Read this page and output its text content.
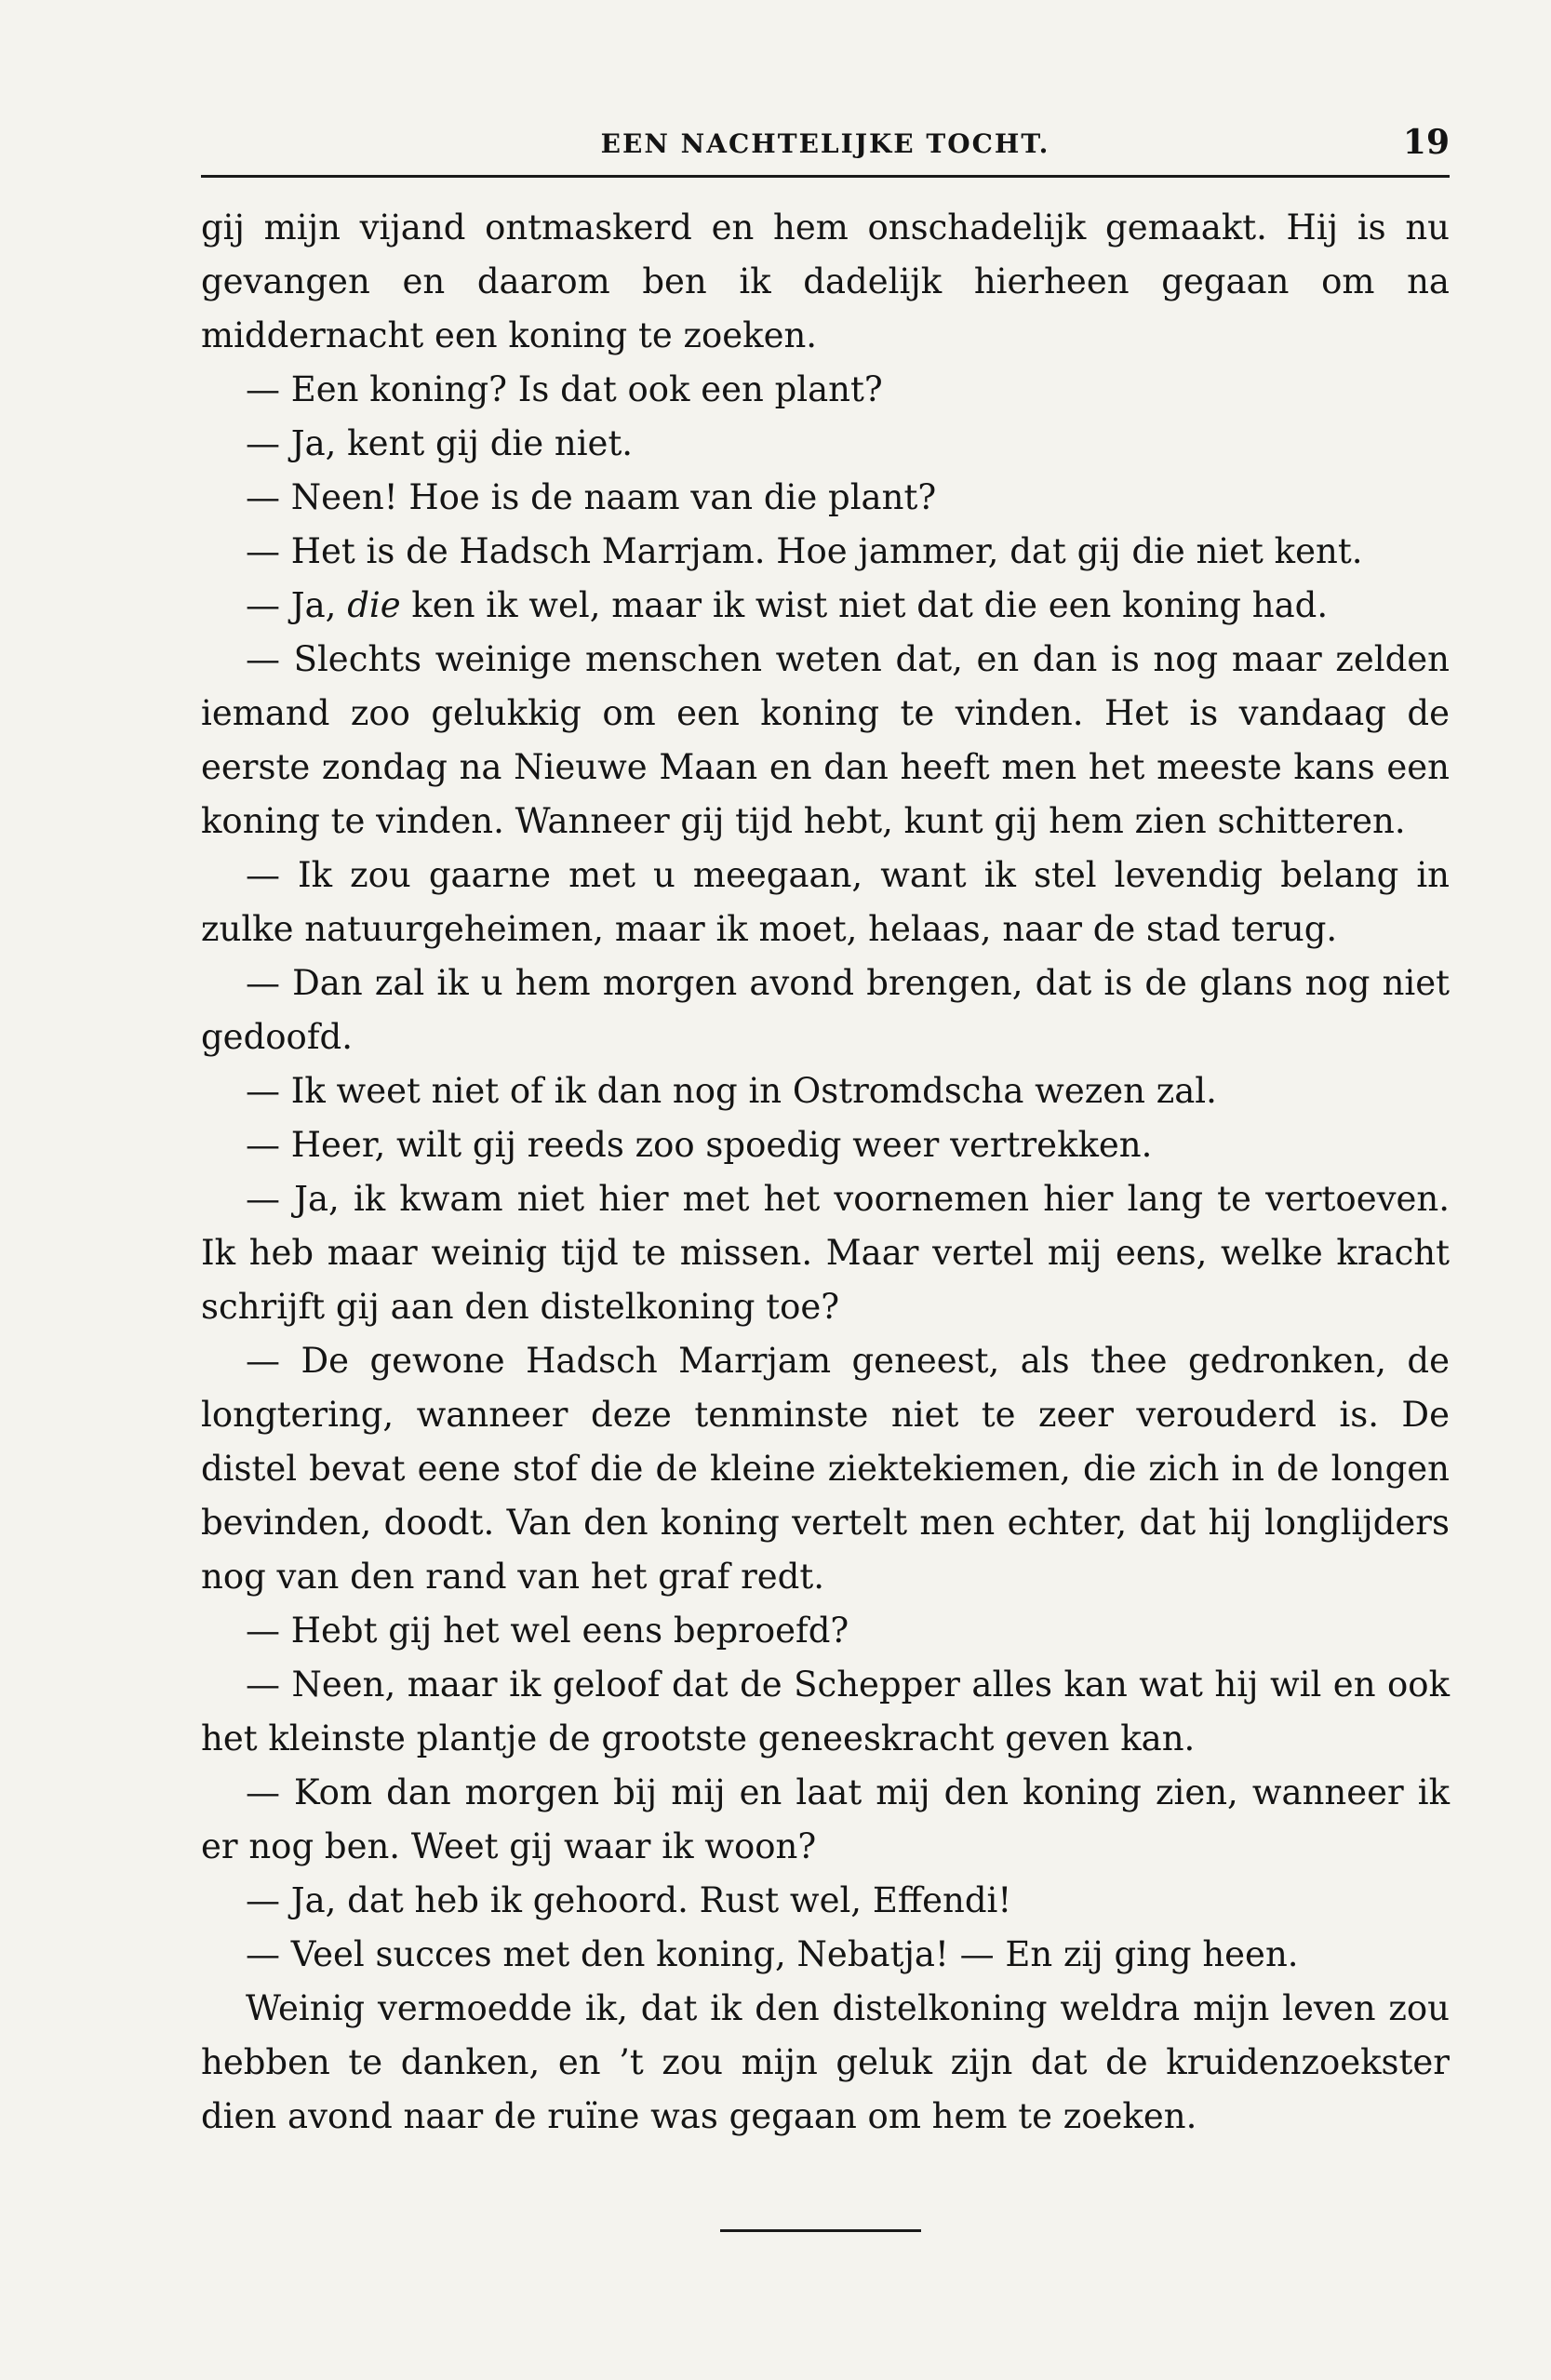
EEN NACHTELIJKE TOCHT.	19

gij mijn vijand ontmaskerd en hem onschadelijk gemaakt. Hij is nu gevangen en daarom ben ik dadelijk hierheen gegaan om na middernacht een koning te zoeken.

— Een koning? Is dat ook een plant?

— Ja, kent gij die niet.

— Neen! Hoe is de naam van die plant?

— Het is de Hadsch Marrjam. Hoe jammer, dat gij die niet kent.

— Ja, die ken ik wel, maar ik wist niet dat die een koning had.

— Slechts weinige menschen weten dat, en dan is nog maar zelden iemand zoo gelukkig om een koning te vinden. Het is vandaag de eerste zondag na Nieuwe Maan en dan heeft men het meeste kans een koning te vinden. Wanneer gij tijd hebt, kunt gij hem zien schitteren.

— Ik zou gaarne met u meegaan, want ik stel levendig belang in zulke natuurgeheimen, maar ik moet, helaas, naar de stad terug.

— Dan zal ik u hem morgen avond brengen, dat is de glans nog niet gedoofd.

— Ik weet niet of ik dan nog in Ostromdscha wezen zal.

— Heer, wilt gij reeds zoo spoedig weer vertrekken.

— Ja, ik kwam niet hier met het voornemen hier lang te vertoeven. Ik heb maar weinig tijd te missen. Maar vertel mij eens, welke kracht schrijft gij aan den distelkoning toe?

— De gewone Hadsch Marrjam geneest, als thee gedronken, de longtering, wanneer deze tenminste niet te zeer verouderd is. De distel bevat eene stof die de kleine ziektekiemen, die zich in de longen bevinden, doodt. Van den koning vertelt men echter, dat hij longlijders nog van den rand van het graf redt.

— Hebt gij het wel eens beproefd?

— Neen, maar ik geloof dat de Schepper alles kan wat hij wil en ook het kleinste plantje de grootste geneeskracht geven kan.

— Kom dan morgen bij mij en laat mij den koning zien, wanneer ik er nog ben. Weet gij waar ik woon?

— Ja, dat heb ik gehoord. Rust wel, Effendi!

— Veel succes met den koning, Nebatja! — En zij ging heen.

Weinig vermoedde ik, dat ik den distelkoning weldra mijn leven zou hebben te danken, en ’t zou mijn geluk zijn dat de kruidenzoekster dien avond naar de ruïne was gegaan om hem te zoeken.
